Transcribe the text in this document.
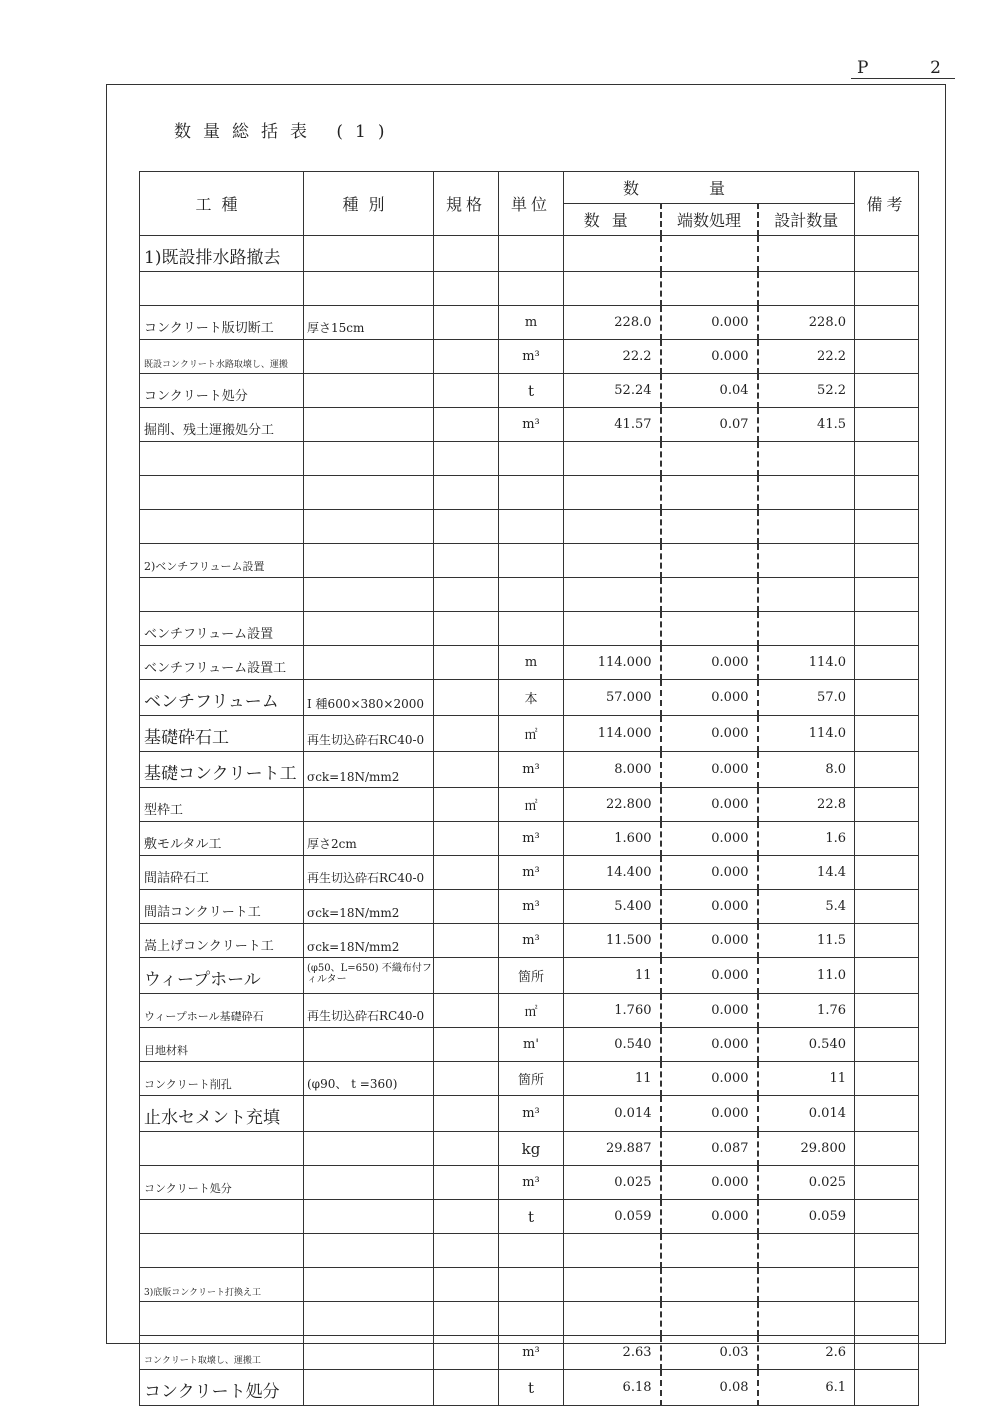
P	2
数量総括表 (1)
工種	種別	規格	単位	数量			備考
				数量	端数処理	設計数量	
1)既設排水路撤去							

コンクリート版切断工	厚さ15cm		m	228.0	0.000	228.0	
既設コンクリート水路取壊し、運搬			m³	22.2	0.000	22.2	
コンクリート処分			t	52.24	0.04	52.2	
掘削、残土運搬処分工			m³	41.57	0.07	41.5	

2)ベンチフリューム設置							

ベンチフリューム設置							
ベンチフリューム設置工			m	114.000	0.000	114.0	
ベンチフリューム	I 種600×380×2000		本	57.000	0.000	57.0	
基礎砕石工	再生切込砕石RC40-0		㎡	114.000	0.000	114.0	
基礎コンクリート工	σck=18N/mm2		m³	8.000	0.000	8.0	
型枠工			㎡	22.800	0.000	22.8	
敷モルタル工	厚さ2cm		m³	1.600	0.000	1.6	
間詰砕石工	再生切込砕石RC40-0		m³	14.400	0.000	14.4	
間詰コンクリート工	σck=18N/mm2		m³	5.400	0.000	5.4	
嵩上げコンクリート工	σck=18N/mm2		m³	11.500	0.000	11.5	
ウィープホール	(φ50、L=650) 不織布付フィルター		箇所	11	0.000	11.0	
ウィープホール基礎砕石	再生切込砕石RC40-0		㎡	1.760	0.000	1.76	
目地材料			m'	0.540	0.000	0.540	
コンクリート削孔	(φ90、 t =360)		箇所	11	0.000	11	
止水セメント充填			m³	0.014	0.000	0.014	
			kg	29.887	0.087	29.800	
コンクリート処分			m³	0.025	0.000	0.025	
			t	0.059	0.000	0.059	

3)底版コンクリート打換え工							

コンクリート取壊し、運搬工			m³	2.63	0.03	2.6	
コンクリート処分			t	6.18	0.08	6.1	
